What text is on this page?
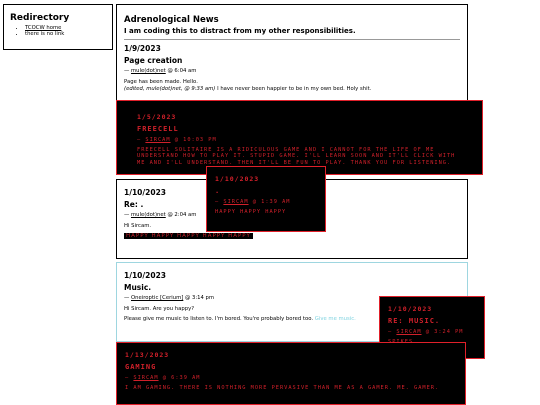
Redirectory
• TCOCW home
• there is no link
Adrenological News
I am coding this to distract from my other responsibilities.
1/9/2023
Page creation
— mule(dot)net @ 6:04 am
Page has been made. Hello.
(edited, mule(dot)net, @ 9:33 am) I have never been happier to be in my own bed. Holy shit.
1/10/2023
Re: .
— mule(dot)net @ 2:04 am
Hi Sircam.
HAPPY HAPPY HAPPY HAPPY HAPPY
1/10/2023
Music.
— Oneiroptic [Cerium] @ 3:14 pm
Hi Sircam. Are you happy?
Please give me music to listen to. I'm bored. You're probably bored too. Give me music.
1/5/2023
FREECELL
— SIRCAM @ 10:03 PM
FREECELL SOLITAIRE IS A RIDICULOUS GAME AND I CANNOT FOR THE LIFE OF ME UNDERSTAND HOW TO PLAY IT. STUPID GAME. I'LL LEARN SOON AND IT'LL CLICK WITH ME AND I'LL UNDERSTAND. THEN IT'LL BE FUN TO PLAY. THANK YOU FOR LISTENING.
1/10/2023
.
— SIRCAM @ 1:39 AM
HAPPY HAPPY HAPPY
1/10/2023
RE: MUSIC.
— SIRCAM @ 3:24 PM
1/13/2023
GAMING
— SIRCAM @ 6:39 AM
I AM GAMING. THERE IS NOTHING MORE PERVASIVE THAN ME AS A GAMER. ME. GAMER.
